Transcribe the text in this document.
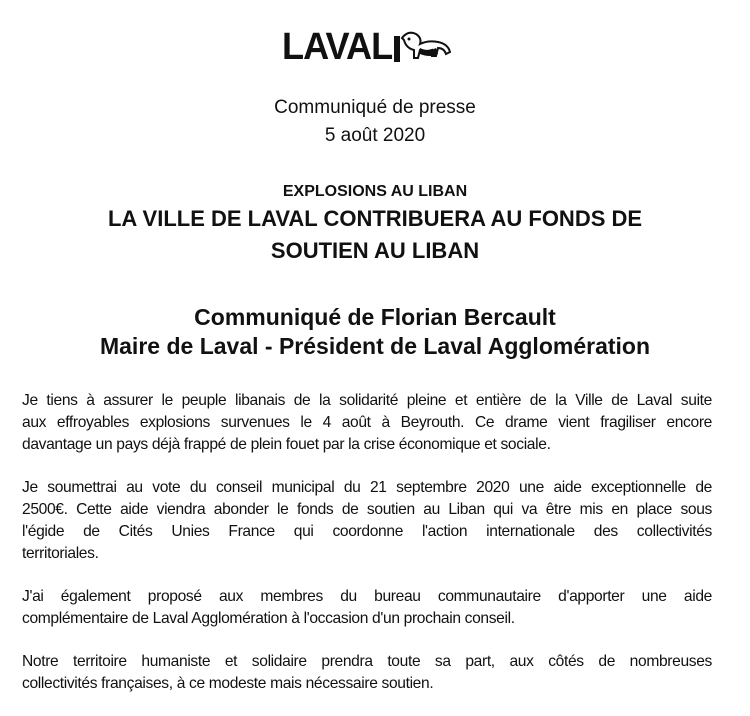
LAVAL
Communiqué de presse
5 août 2020
EXPLOSIONS AU LIBAN
LA VILLE DE LAVAL CONTRIBUERA AU FONDS DE
SOUTIEN AU LIBAN
Communiqué de Florian Bercault
Maire de Laval - Président de Laval Agglomération
Je tiens à assurer le peuple libanais de la solidarité pleine et entière de la Ville de Laval suite
aux effroyables explosions survenues le 4 août à Beyrouth. Ce drame vient fragiliser encore
davantage un pays déjà frappé de plein fouet par la crise économique et sociale.
Je soumettrai au vote du conseil municipal du 21 septembre 2020 une aide exceptionnelle de
2500€. Cette aide viendra abonder le fonds de soutien au Liban qui va être mis en place sous
l'égide de Cités Unies France qui coordonne l'action internationale des collectivités
territoriales.
J'ai également proposé aux membres du bureau communautaire d'apporter une aide
complémentaire de Laval Agglomération à l'occasion d'un prochain conseil.
Notre territoire humaniste et solidaire prendra toute sa part, aux côtés de nombreuses
collectivités françaises, à ce modeste mais nécessaire soutien.
